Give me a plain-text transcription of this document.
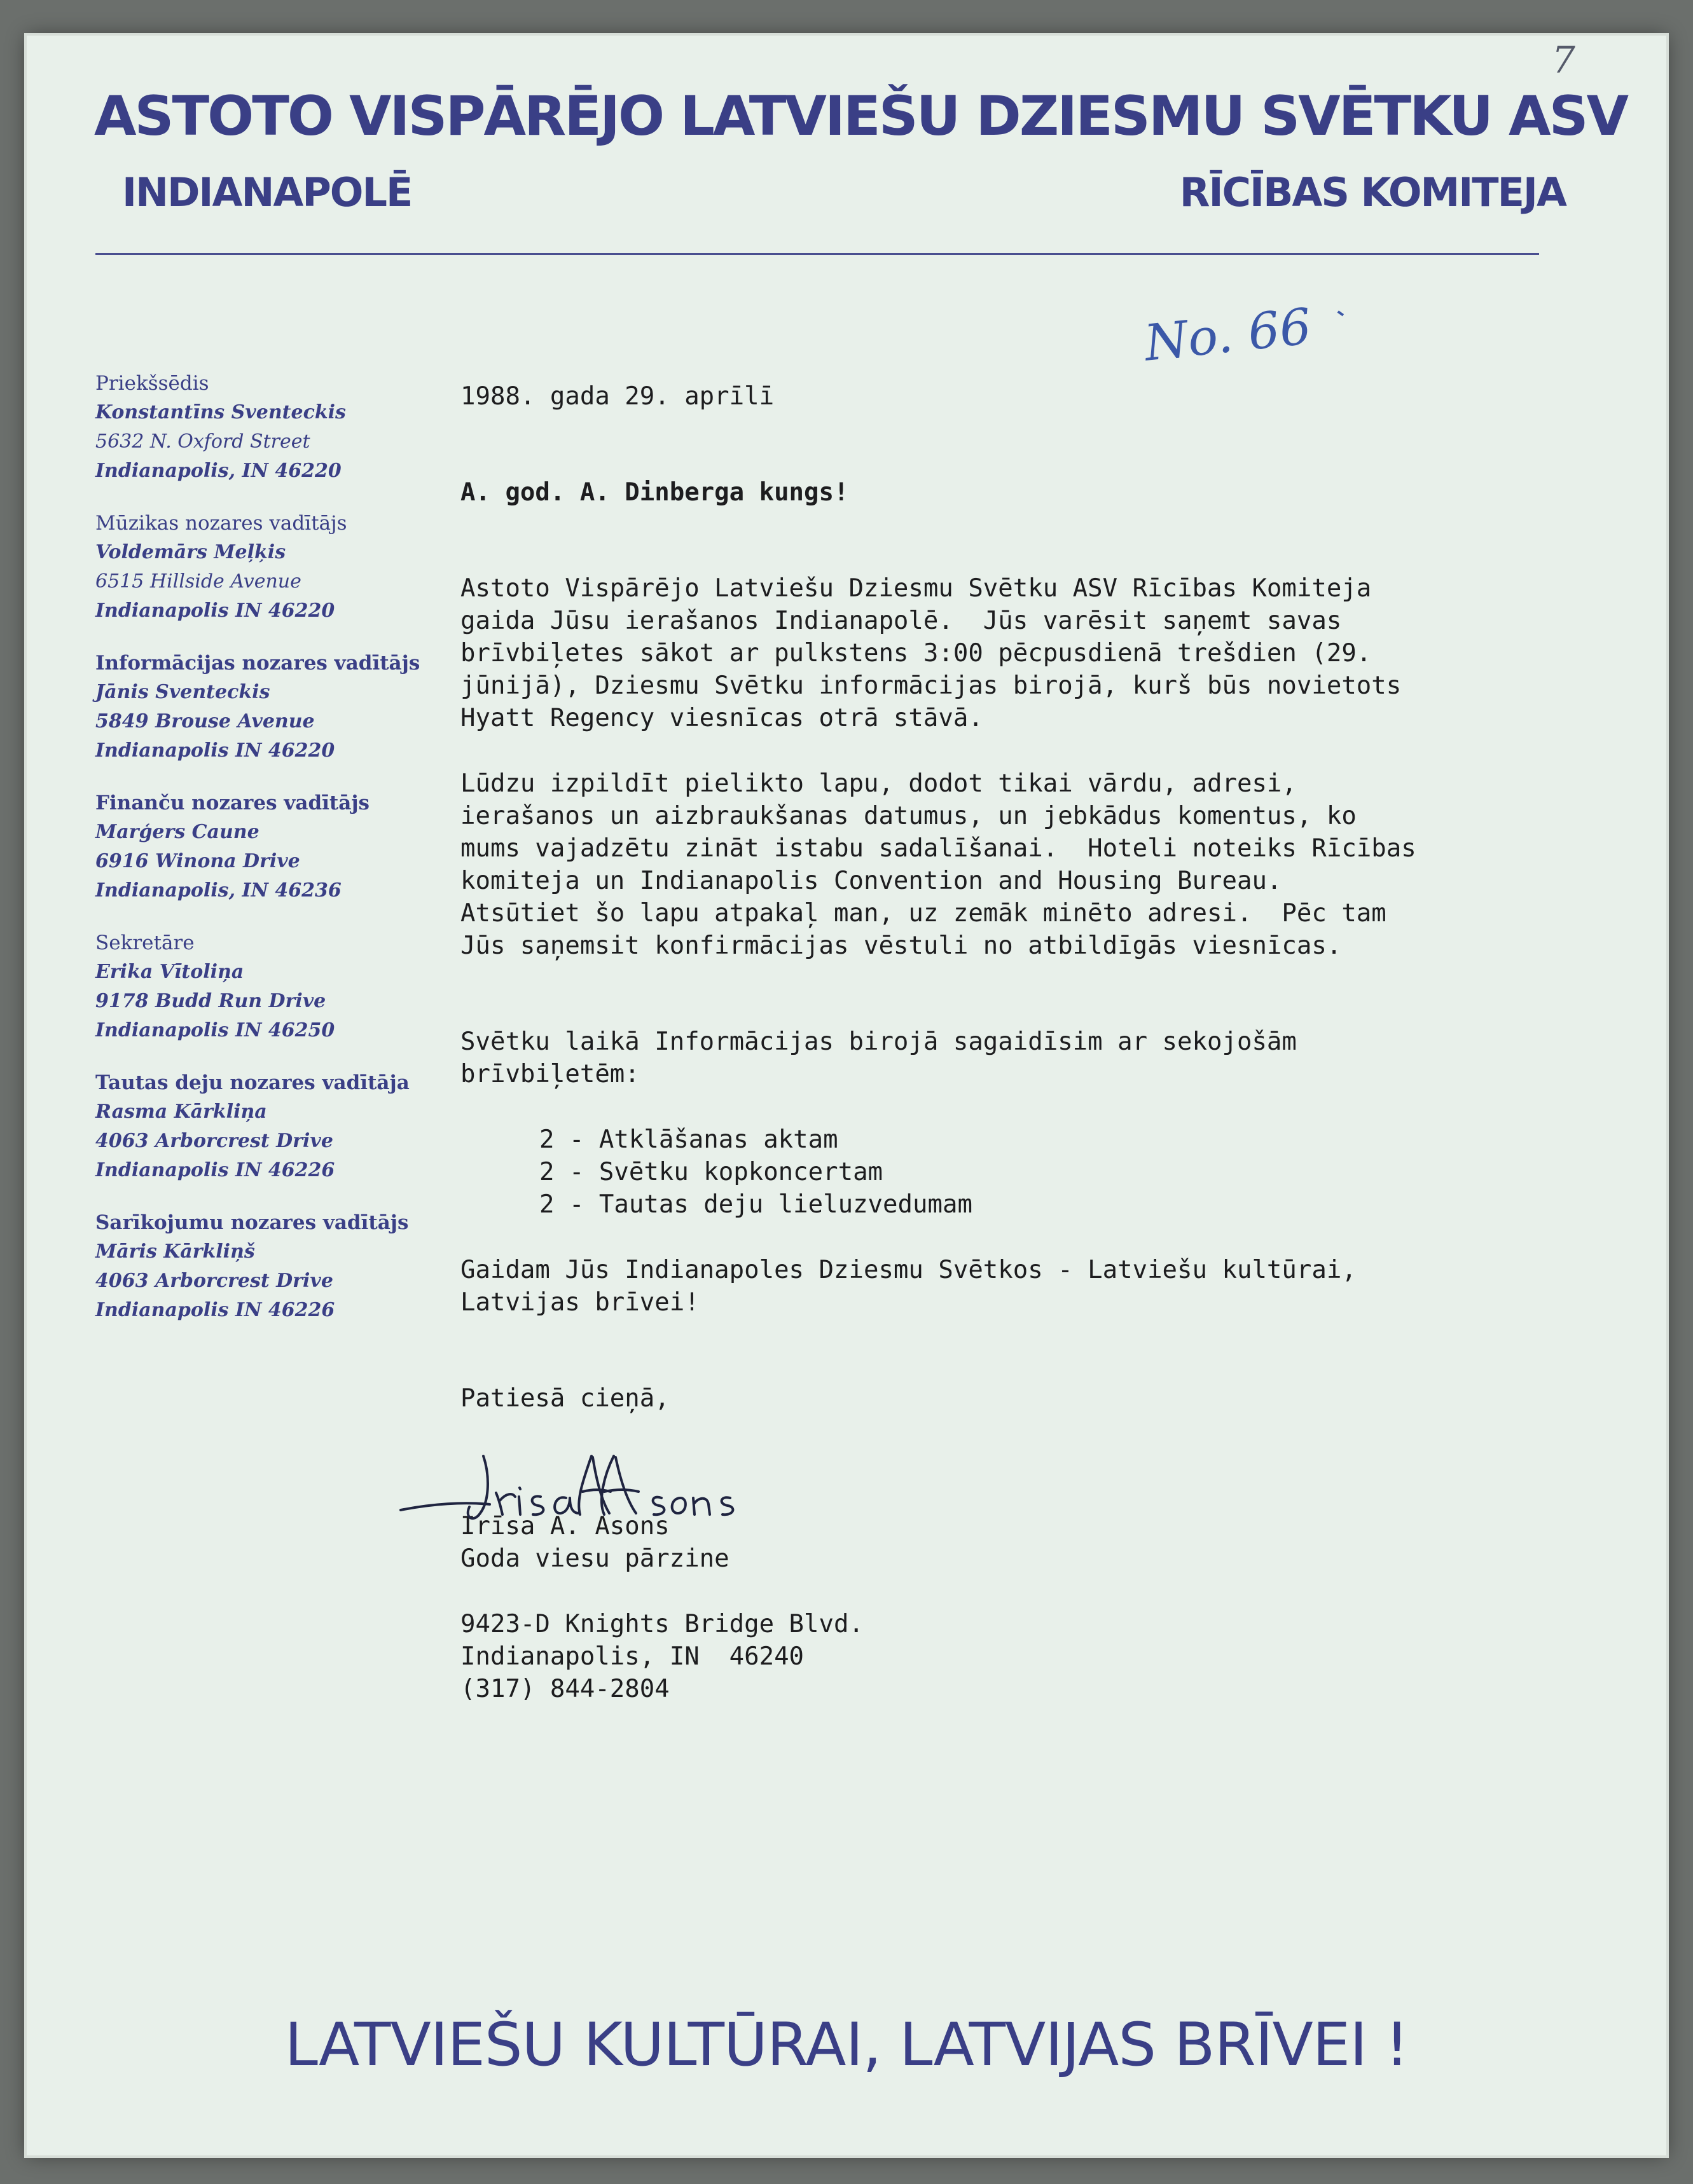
7
ASTOTO VISPĀRĒJO LATVIEŠU DZIESMU SVĒTKU ASV
INDIANAPOLĒ	RĪCĪBAS KOMITEJA
No. 66
Priekšsēdis
Konstantīns Sventeckis
5632 N. Oxford Street
Indianapolis, IN 46220
Mūzikas nozares vadītājs
Voldemārs Meļķis
6515 Hillside Avenue
Indianapolis IN 46220
Informācijas nozares vadītājs
Jānis Sventeckis
5849 Brouse Avenue
Indianapolis IN 46220
Finanču nozares vadītājs
Marģers Caune
6916 Winona Drive
Indianapolis, IN 46236
Sekretāre
Erika Vītoliņa
9178 Budd Run Drive
Indianapolis IN 46250
Tautas deju nozares vadītāja
Rasma Kārkliņa
4063 Arborcrest Drive
Indianapolis IN 46226
Sarīkojumu nozares vadītājs
Māris Kārkliņš
4063 Arborcrest Drive
Indianapolis IN 46226
1988. gada 29. aprīlī
A. god. A. Dinberga kungs!
Astoto Vispārējo Latviešu Dziesmu Svētku ASV Rīcības Komiteja
gaida Jūsu ierašanos Indianapolē.  Jūs varēsit saņemt savas
brīvbiļetes sākot ar pulkstens 3:00 pēcpusdienā trešdien (29.
jūnijā), Dziesmu Svētku informācijas birojā, kurš būs novietots
Hyatt Regency viesnīcas otrā stāvā.
Lūdzu izpildīt pielikto lapu, dodot tikai vārdu, adresi,
ierašanos un aizbraukšanas datumus, un jebkādus komentus, ko
mums vajadzētu zināt istabu sadalīšanai.  Hoteli noteiks Rīcības
komiteja un Indianapolis Convention and Housing Bureau.
Atsūtiet šo lapu atpakaļ man, uz zemāk minēto adresi.  Pēc tam
Jūs saņemsit konfirmācijas vēstuli no atbildīgās viesnīcas.
Svētku laikā Informācijas birojā sagaidīsim ar sekojošām
brīvbiļetēm:
2 - Atklāšanas aktam
2 - Svētku kopkoncertam
2 - Tautas deju lieluzvedumam
Gaidam Jūs Indianapoles Dziesmu Svētkos - Latviešu kultūrai,
Latvijas brīvei!
Patiesā cieņā,
Irīsa A. Asons
Goda viesu pārzine
9423-D Knights Bridge Blvd.
Indianapolis, IN  46240
(317) 844-2804
LATVIEŠU KULTŪRAI, LATVIJAS BRĪVEI !
